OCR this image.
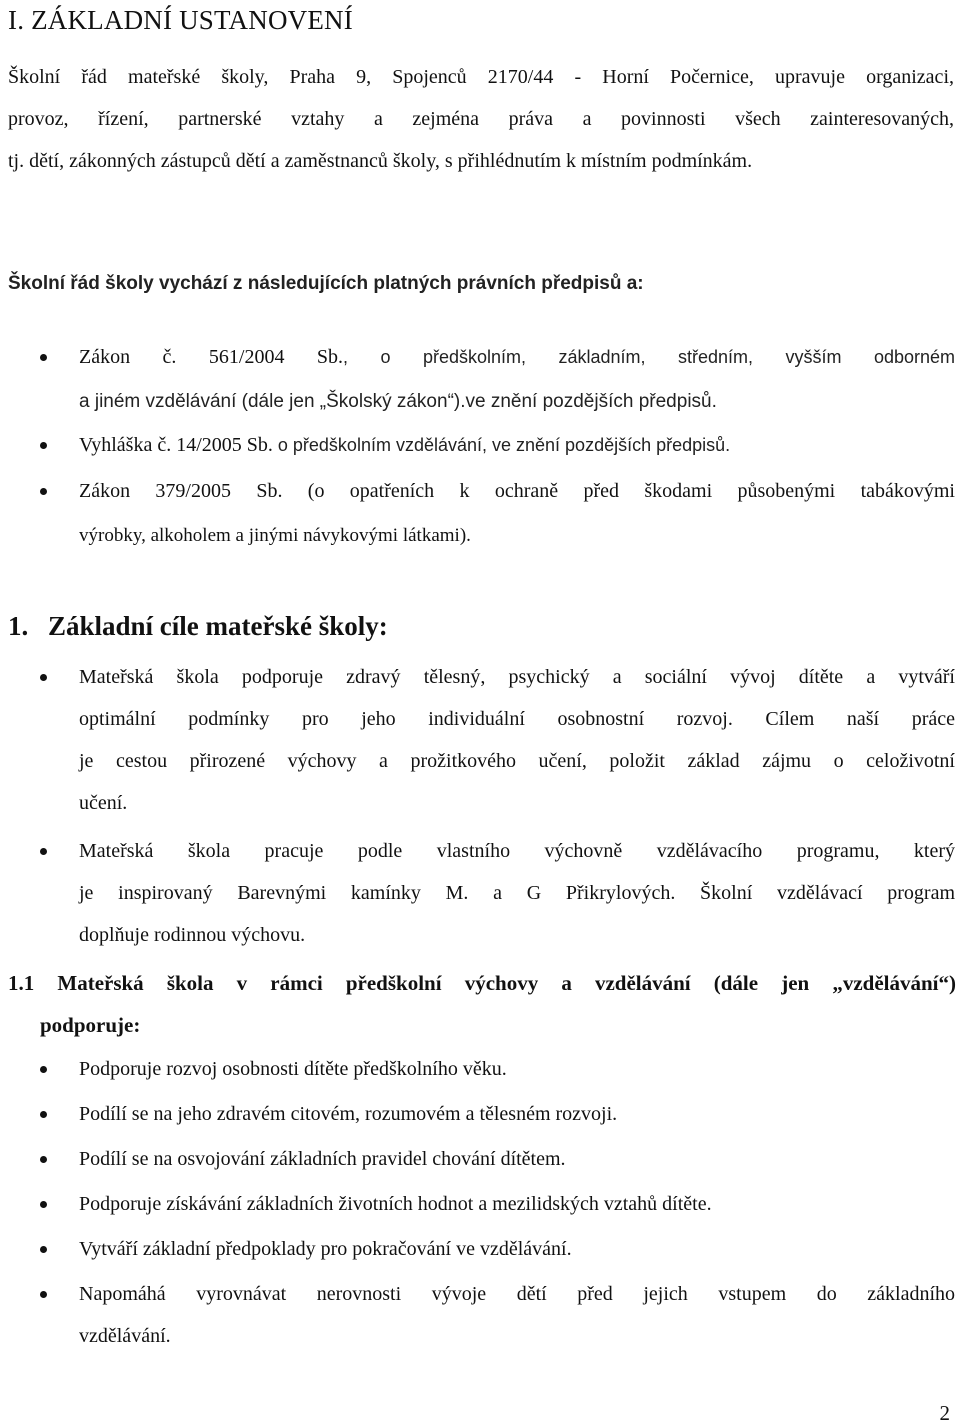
I. ZÁKLADNÍ USTANOVENÍ
Školní řád mateřské školy, Praha 9, Spojenců 2170/44 - Horní Počernice, upravuje organizaci,
provoz, řízení, partnerské vztahy a zejména práva a povinnosti všech zainteresovaných,
tj. dětí, zákonných zástupců dětí a zaměstnanců školy, s přihlédnutím k místním podmínkám.

Školní řád školy vychází z následujících platných právních předpisů a:

Zákon č. 561/2004 Sb., o předškolním, základním, středním, vyšším odborném
a jiném vzdělávání (dále jen „Školský zákon“).ve znění pozdějších předpisů.
Vyhláška č. 14/2005 Sb. o předškolním vzdělávání, ve znění pozdějších předpisů.
Zákon 379/2005 Sb. (o opatřeních k ochraně před škodami působenými tabákovými
výrobky, alkoholem a jinými návykovými látkami).
1. Základní cíle mateřské školy:
Mateřská škola podporuje zdravý tělesný, psychický a sociální vývoj dítěte a vytváří
optimální podmínky pro jeho individuální osobnostní rozvoj. Cílem naší práce
je cestou přirozené výchovy a prožitkového učení, položit základ zájmu o celoživotní
učení.
Mateřská škola pracuje podle vlastního výchovně vzdělávacího programu, který
je inspirovaný Barevnými kamínky M. a G Přikrylových. Školní vzdělávací program
doplňuje rodinnou výchovu.
1.1 Mateřská škola v rámci předškolní výchovy a vzdělávání (dále jen „vzdělávání“)
podporuje:
Podporuje rozvoj osobnosti dítěte předškolního věku.
Podílí se na jeho zdravém citovém, rozumovém a tělesném rozvoji.
Podílí se na osvojování základních pravidel chování dítětem.
Podporuje získávání základních životních hodnot a mezilidských vztahů dítěte.
Vytváří základní předpoklady pro pokračování ve vzdělávání.
Napomáhá vyrovnávat nerovnosti vývoje dětí před jejich vstupem do základního
vzdělávání.
2
